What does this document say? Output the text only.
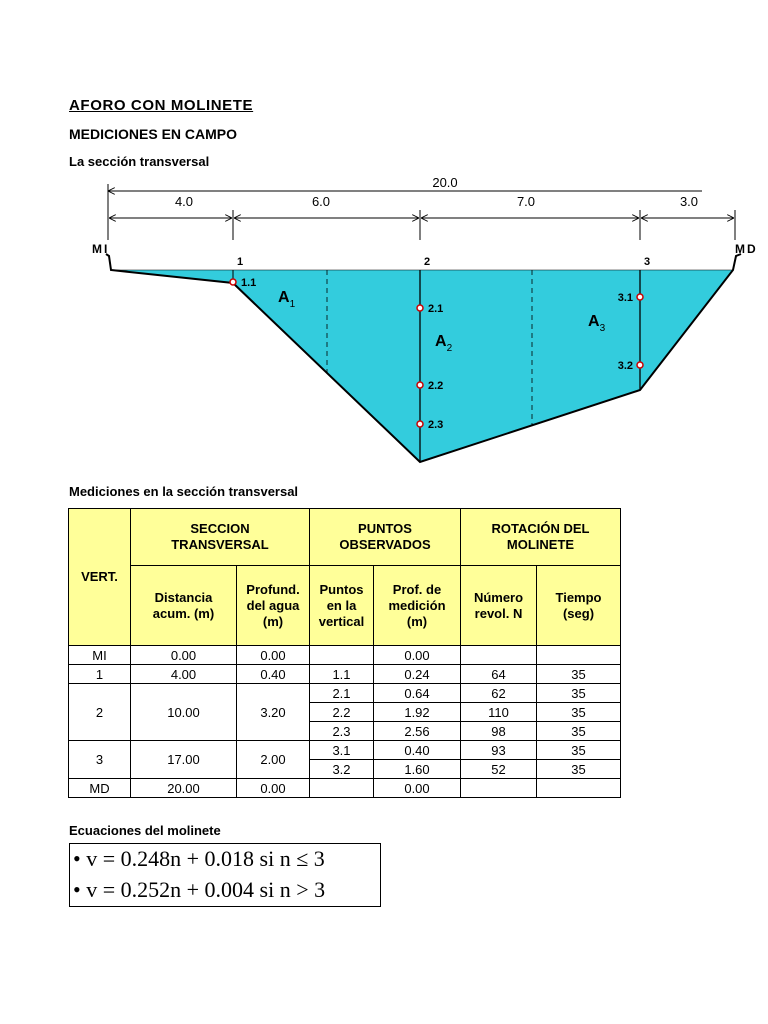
AFORO CON MOLINETE
MEDICIONES EN CAMPO
La sección transversal
20.0
4.0	6.0	7.0	3.0
MI	MD
1	2	3
1.1
2.1
2.2
2.3
3.1
3.2
$A_1$
$A_2$
$A_3$
Mediciones en la sección transversal
VERT.	SECCION TRANSVERSAL		PUNTOS OBSERVADOS		ROTACIÓN DEL MOLINETE	
	Distancia acum. (m)	Profund. del agua (m)	Puntos en la vertical	Prof. de medición (m)	Número revol. N	Tiempo (seg)
MI	0.00	0.00		0.00		
1	4.00	0.40	1.1	0.24	64	35
2	10.00	3.20	2.1	0.64	62	35
			2.2	1.92	110	35
			2.3	2.56	98	35
3	17.00	2.00	3.1	0.40	93	35
			3.2	1.60	52	35
MD	20.00	0.00		0.00		
Ecuaciones del molinete
• v = 0.248n + 0.018 si n ≤ 3
• v = 0.252n + 0.004 si n > 3
